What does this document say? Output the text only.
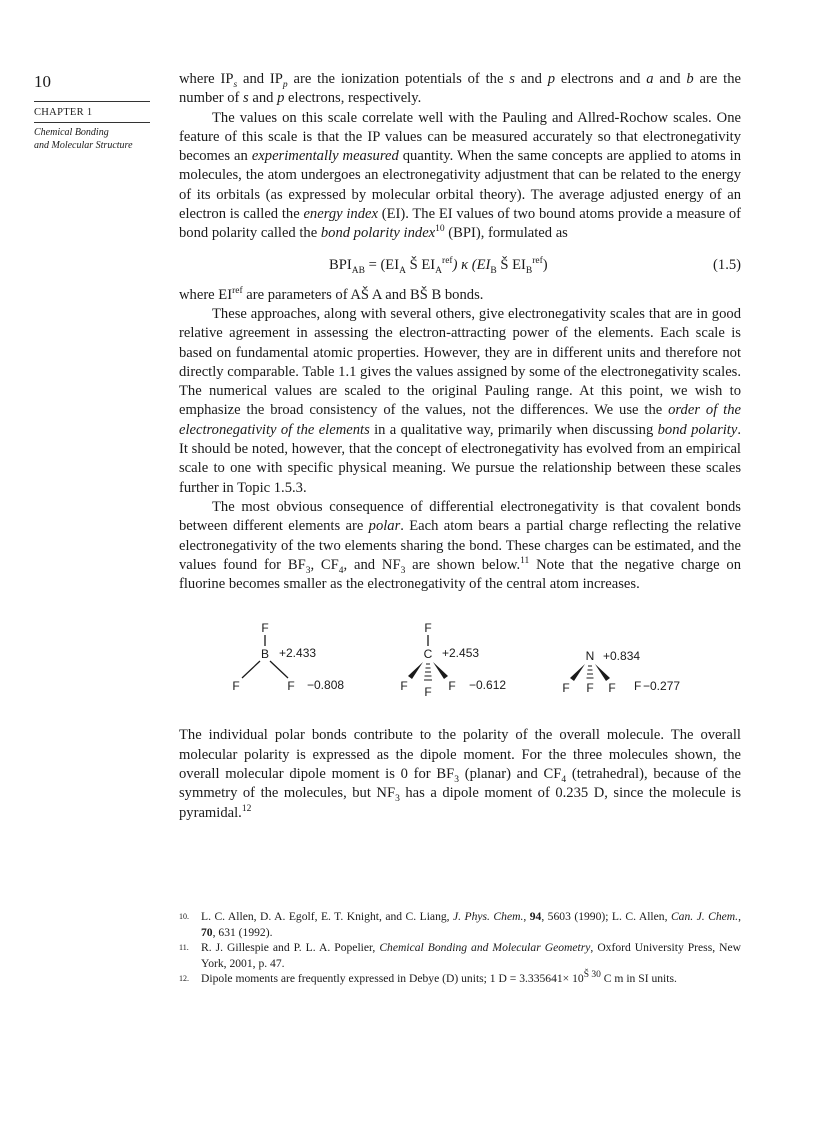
10
CHAPTER 1
Chemical Bonding
and Molecular Structure

where $IP_s$ and $IP_p$ are the ionization potentials of the s and p electrons and a and b are the number of s and p electrons, respectively.

The values on this scale correlate well with the Pauling and Allred-Rochow scales. One feature of this scale is that the IP values can be measured accurately so that electronegativity becomes an experimentally measured quantity. When the same concepts are applied to atoms in molecules, the atom undergoes an electronegativity adjustment that can be related to the energy of its orbitals (as expressed by molecular orbital theory). The average adjusted energy of an electron is called the energy index (EI). The EI values of two bound atoms provide a measure of bond polarity called the bond polarity index$^{10}$ (BPI), formulated as

$BPI_{AB} = (EI_A$ Š $EI_A^{ref}$) κ ($EI_B$ Š $EI_B^{ref}$)	(1.5)

where $EI^{ref}$ are parameters of AŠ A and BŠ B bonds.

These approaches, along with several others, give electronegativity scales that are in good relative agreement in assessing the electron-attracting power of the elements. Each scale is based on fundamental atomic properties. However, they are in different units and therefore not directly comparable. Table 1.1 gives the values assigned by some of the electronegativity scales. The numerical values are scaled to the original Pauling range. At this point, we wish to emphasize the broad consistency of the values, not the differences. We use the order of the electronegativity of the elements in a qualitative way, primarily when discussing bond polarity. It should be noted, however, that the concept of electronegativity has evolved from an empirical scale to one with specific physical meaning. We pursue the relationship between these scales further in Topic 1.5.3.

The most obvious consequence of differential electronegativity is that covalent bonds between different elements are polar. Each atom bears a partial charge reflecting the relative electronegativity of the two elements sharing the bond. These charges can be estimated, and the values found for $BF_3$, $CF_4$, and $NF_3$ are shown below.$^{11}$ Note that the negative charge on fluorine becomes smaller as the electronegativity of the central atom increases.

F
B +2.433
F	F −0.808
F
C +2.453
F	F
F	−0.612
N +0.834
F F F F −0.277

The individual polar bonds contribute to the polarity of the overall molecule. The overall molecular polarity is expressed as the dipole moment. For the three molecules shown, the overall molecular dipole moment is 0 for $BF_3$ (planar) and $CF_4$ (tetrahedral), because of the symmetry of the molecules, but $NF_3$ has a dipole moment of 0.235 D, since the molecule is pyramidal.$^{12}$

10. L. C. Allen, D. A. Egolf, E. T. Knight, and C. Liang, J. Phys. Chem., 94, 5603 (1990); L. C. Allen, Can. J. Chem., 70, 631 (1992).
11. R. J. Gillespie and P. L. A. Popelier, Chemical Bonding and Molecular Geometry, Oxford University Press, New York, 2001, p. 47.
12. Dipole moments are frequently expressed in Debye (D) units; 1 $D = 3.335641\times 10^{Š 30}$ C m in SI units.
